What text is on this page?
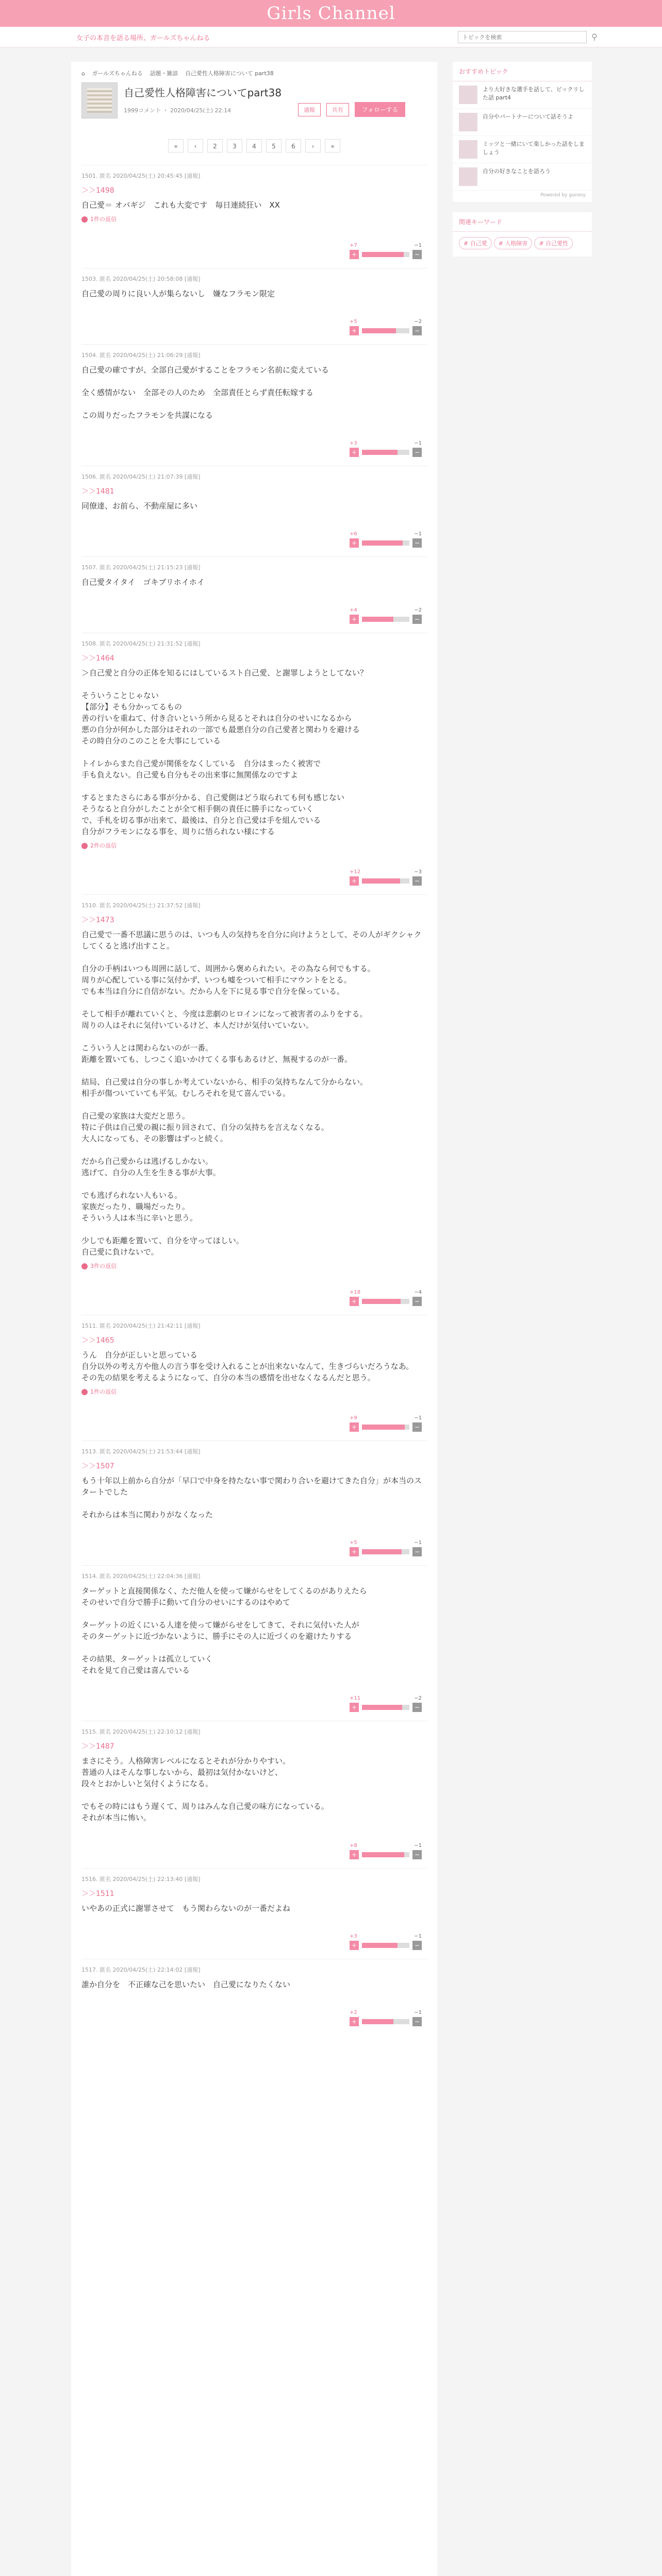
Girls Channel
女子の本音を語る場所、ガールズちゃんねる
トピックを検索	⚲
⌂ ガールズちゃんねる 話題・雑談 自己愛性人格障害について part38
自己愛性人格障害についてpart38
1999コメント ・ 2020/04/25(土) 22:14	通報	共有	フォローする
«	‹	2	3	4	5	6	›	»
1501. 匿名 2020/04/25(土) 20:45:45 [通報]
＞＞1498
自己愛＝ オバギジ　これも大変です　毎日連続狂い　XX
1件の返信
+7	−1
+	−
1503. 匿名 2020/04/25(土) 20:58:08 [通報]
自己愛の周りに良い人が集らないし　嫌なフラモン限定
+5	−2
+	−
1504. 匿名 2020/04/25(土) 21:06:29 [通報]
自己愛の確ですが、全部自己愛がすることをフラモン名前に変えている

全く感情がない　全部その人のため　全部責任とらず責任転嫁する

この周りだったフラモンを共謀になる
+3	−1
+	−
1506. 匿名 2020/04/25(土) 21:07:39 [通報]
＞＞1481
同僚達、お前ら、不動産屋に多い
+6	−1
+	−
1507. 匿名 2020/04/25(土) 21:15:23 [通報]
自己愛タイタイ　ゴキブリホイホイ
+4	−2
+	−
1508. 匿名 2020/04/25(土) 21:31:52 [通報]
＞＞1464
＞自己愛と自分の正体を知るにはしているスト自己愛、と謝罪しようとしてない？

そういうことじゃない
【部分】そも分かってるもの
善の行いを重ねて、付き合いという所から見るとそれは自分のせいになるから
悪の自分が何かした部分はそれの一部でも最悪自分の自己愛者と関わりを避ける
その時自分のこのことを大事にしている

トイレからまた自己愛が関係をなくしている　自分はまったく被害で
手も負えない。自己愛も自分もその出来事に無関係なのですよ

するとまたさらにある事が分かる、自己愛側はどう取られても何も感じない
そうなると自分がしたことが全て相手側の責任に勝手になっていく
で、手札を切る事が出来て、最後は、自分と自己愛は手を組んでいる
自分がフラモンになる事を、周りに悟られない様にする
2件の返信
+12	−3
+	−
1510. 匿名 2020/04/25(土) 21:37:52 [通報]
＞＞1473
自己愛で一番不思議に思うのは、いつも人の気持ちを自分に向けようとして、その人がギクシャクしてくると逃げ出すこと。

自分の手柄はいつも周囲に話して、周囲から褒められたい。その為なら何でもする。
周りが心配している事に気付かず、いつも嘘をついて相手にマウントをとる。
でも本当は自分に自信がない。だから人を下に見る事で自分を保っている。

そして相手が離れていくと、今度は悲劇のヒロインになって被害者のふりをする。
周りの人はそれに気付いているけど、本人だけが気付いていない。

こういう人とは関わらないのが一番。
距離を置いても、しつこく追いかけてくる事もあるけど、無視するのが一番。

結局、自己愛は自分の事しか考えていないから、相手の気持ちなんて分からない。
相手が傷ついていても平気。むしろそれを見て喜んでいる。

自己愛の家族は大変だと思う。
特に子供は自己愛の親に振り回されて、自分の気持ちを言えなくなる。
大人になっても、その影響はずっと続く。

だから自己愛からは逃げるしかない。
逃げて、自分の人生を生きる事が大事。

でも逃げられない人もいる。
家族だったり、職場だったり。
そういう人は本当に辛いと思う。

少しでも距離を置いて、自分を守ってほしい。
自己愛に負けないで。
3件の返信
+18	−4
+	−
1511. 匿名 2020/04/25(土) 21:42:11 [通報]
＞＞1465
うん　自分が正しいと思っている
自分以外の考え方や他人の言う事を受け入れることが出来ないなんて、生きづらいだろうなあ。
その先の結果を考えるようになって、自分の本当の感情を出せなくなるんだと思う。
1件の返信
+9	−1
+	−
1513. 匿名 2020/04/25(土) 21:53:44 [通報]
＞＞1507
もう十年以上前から自分が「早口で中身を持たない事で関わり合いを避けてきた自分」が本当のスタートでした

それからは本当に関わりがなくなった
+5	−1
+	−
1514. 匿名 2020/04/25(土) 22:04:36 [通報]
ターゲットと直接関係なく、ただ他人を使って嫌がらせをしてくるのがありえたら
そのせいで自分で勝手に動いて自分のせいにするのはやめて

ターゲットの近くにいる人達を使って嫌がらせをしてきて、それに気付いた人が
そのターゲットに近づかないように、勝手にその人に近づくのを避けたりする

その結果、ターゲットは孤立していく
それを見て自己愛は喜んでいる
+11	−2
+	−
1515. 匿名 2020/04/25(土) 22:10:12 [通報]
＞＞1487
まさにそう。人格障害レベルになるとそれが分かりやすい。
普通の人はそんな事しないから、最初は気付かないけど、
段々とおかしいと気付くようになる。

でもその時にはもう遅くて、周りはみんな自己愛の味方になっている。
それが本当に怖い。
+8	−1
+	−
1516. 匿名 2020/04/25(土) 22:13:40 [通報]
＞＞1511
いやあの正式に謝罪させて　もう関わらないのが一番だよね
+3	−1
+	−
1517. 匿名 2020/04/25(土) 22:14:02 [通報]
誰か自分を　不正確な己を思いたい　自己愛になりたくない
+2	−1
+	−
おすすめトピック
より大好きな選手を話して、ビックリした話 part4
自分やパートナーについて話そうよ
ミッツと一緒にいて楽しかった話をしましょう
自分の好きなことを語ろう
Powered by gunosy
関連キーワード
# 自己愛 # 人格障害 # 自己愛性
